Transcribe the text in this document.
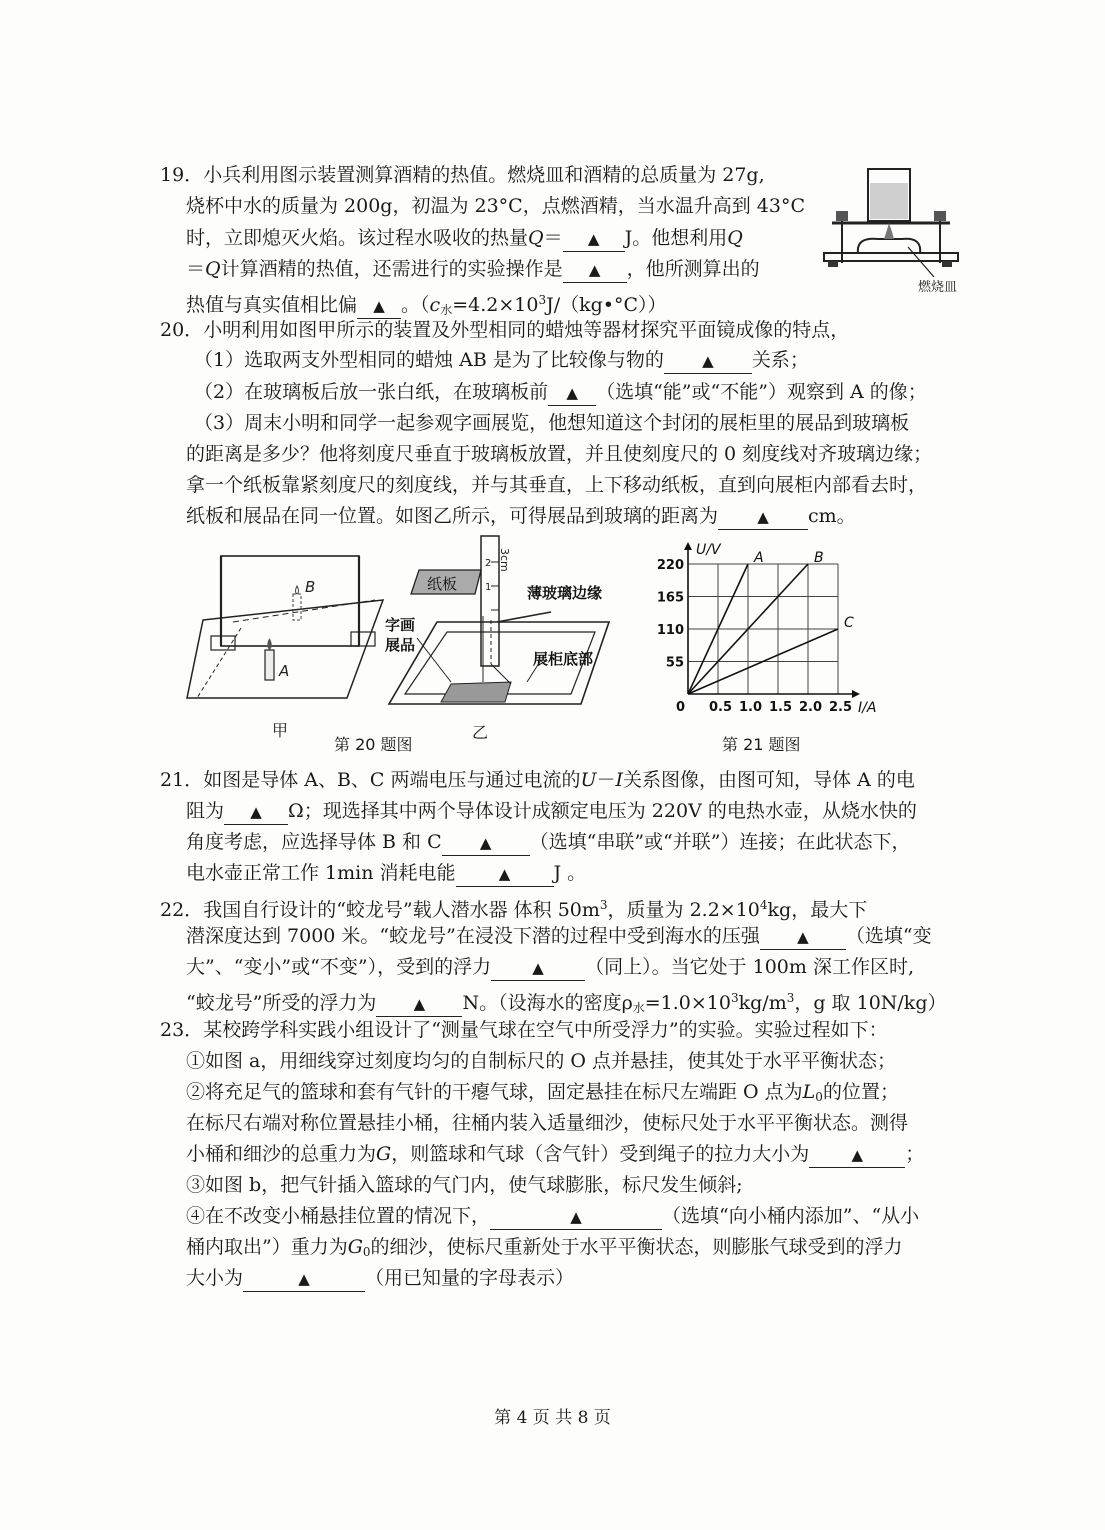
19．小兵利用图示装置测算酒精的热值。燃烧皿和酒精的总质量为 27g,
烧杯中水的质量为 200g，初温为 23°C，点燃酒精，当水温升高到 43°C
时，立即熄灭火焰。该过程水吸收的热量Q＝ ▲ J。他想利用Q
＝Q计算酒精的热值，还需进行的实验操作是 ▲ ，他所测算出的
热值与真实值相比偏 ▲ 。$(c_水=4.2\times 10^3J/(kg•^\circ C))$
燃烧皿
20．小明利用如图甲所示的装置及外型相同的蜡烛等器材探究平面镜成像的特点，
（1）选取两支外型相同的蜡烛 AB 是为了比较像与物的	▲ 关系；
（2）在玻璃板后放一张白纸，在玻璃板前 ▲ （选填“能”或“不能”）观察到 A 的像；
（3）周末小明和同学一起参观字画展览，他想知道这个封闭的展柜里的展品到玻璃板
的距离是多少？他将刻度尺垂直于玻璃板放置，并且使刻度尺的 0 刻度线对齐玻璃边缘；
拿一个纸板靠紧刻度尺的刻度线，并与其垂直，上下移动纸板，直到向展柜内部看去时，
纸板和展品在同一位置。如图乙所示，可得展品到玻璃的距离为	▲ cm。
B
A
甲
3cm
1
2
纸板	薄玻璃边缘
字画
展品
展柜底部
乙
第 20 题图
0 0.5 1.0 1.5 2.0 2.5
55
110
165
220
U/V
I/A
A	B
C
第 21 题图
21．如图是导体 A、B、C 两端电压与通过电流的U－I关系图像，由图可知，导体 A 的电
阻为 ▲ Ω；现选择其中两个导体设计成额定电压为 220V 的电热水壶，从烧水快的
角度考虑，应选择导体 B 和 C	▲ （选填“串联”或“并联”）连接；在此状态下，
电水壶正常工作 1min 消耗电能	▲ J 。
22．我国自行设计的“蛟龙号”载人潜水器 体积 $50m^3$，质量为 $2.2\times 10^4kg$，最大下
潜深度达到 7000 米。“蛟龙号”在浸没下潜的过程中受到海水的压强 ▲ （选填“变
大”、“变小”或“不变”），受到的浮力	▲ （同上）。当它处于 100m 深工作区时,
“蛟龙号”所受的浮力为 ▲ N。（设海水的密度$\rho_水=1.0\times 10^3kg/m^3$，g 取 10N/kg）
23．某校跨学科实践小组设计了“测量气球在空气中所受浮力”的实验。实验过程如下：
①如图 a，用细线穿过刻度均匀的自制标尺的 O 点并悬挂，使其处于水平平衡状态；
②将充足气的篮球和套有气针的干瘪气球，固定悬挂在标尺左端距 O 点为$L_0$的位置；
在标尺右端对称位置悬挂小桶，往桶内装入适量细沙，使标尺处于水平平衡状态。测得
小桶和细沙的总重力为G，则篮球和气球（含气针）受到绳子的拉力大小为	▲ ；
③如图 b，把气针插入篮球的气门内，使气球膨胀，标尺发生倾斜;
④在不改变小桶悬挂位置的情况下，	▲	（选填“向小桶内添加”、“从小
桶内取出”）重力为$G_0$的细沙，使标尺重新处于水平平衡状态，则膨胀气球受到的浮力
大小为	▲	（用已知量的字母表示）
第 4 页 共 8 页
